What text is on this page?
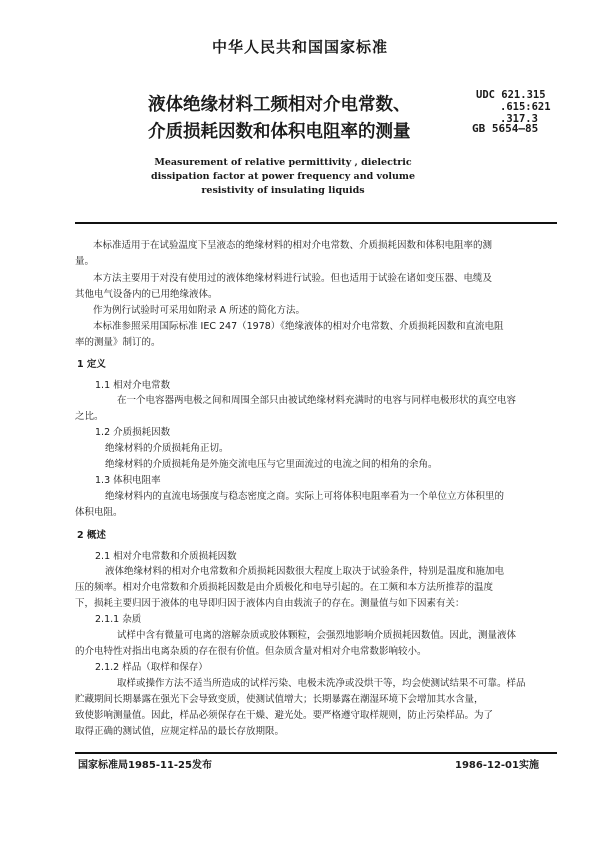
中华人民共和国国家标准
液体绝缘材料工频相对介电常数、
介质损耗因数和体积电阻率的测量
UDC 621.315
.615:621
.317.3
GB 5654—85
Measurement of relative permittivity , dielectric
dissipation factor at power frequency and volume
resistivity of insulating liquids
本标准适用于在试验温度下呈液态的绝缘材料的相对介电常数、介质损耗因数和体积电阻率的测
量。
本方法主要用于对没有使用过的液体绝缘材料进行试验。但也适用于试验在诸如变压器、电缆及
其他电气设备内的已用绝缘液体。
作为例行试验时可采用如附录 A 所述的简化方法。
本标准参照采用国际标准 IEC 247（1978）《绝缘液体的相对介电常数、介质损耗因数和直流电阻
率的测量》制订的。
1 定义
1.1 相对介电常数
在一个电容器两电极之间和周围全部只由被试绝缘材料充满时的电容与同样电极形状的真空电容
之比。
1.2 介质损耗因数
绝缘材料的介质损耗角正切。
绝缘材料的介质损耗角是外施交流电压与它里面流过的电流之间的相角的余角。
1.3 体积电阻率
绝缘材料内的直流电场强度与稳态密度之商。实际上可将体积电阻率看为一个单位立方体积里的
体积电阻。
2 概述
2.1 相对介电常数和介质损耗因数
液体绝缘材料的相对介电常数和介质损耗因数很大程度上取决于试验条件，特别是温度和施加电
压的频率。相对介电常数和介质损耗因数是由介质极化和电导引起的。在工频和本方法所推荐的温度
下，损耗主要归因于液体的电导即归因于液体内自由载流子的存在。测量值与如下因素有关：
2.1.1 杂质
试样中含有微量可电离的溶解杂质或胶体颗粒，会强烈地影响介质损耗因数值。因此，测量液体
的介电特性对指出电离杂质的存在很有价值。但杂质含量对相对介电常数影响较小。
2.1.2 样品（取样和保存）
取样或操作方法不适当所造成的试样污染、电极未洗净或没烘干等，均会使测试结果不可靠。样品
贮藏期间长期暴露在强光下会导致变质，使测试值增大；长期暴露在潮湿环境下会增加其水含量，
致使影响测量值。因此，样品必须保存在干燥、避光处。要严格遵守取样规则，防止污染样品。为了
取得正确的测试值，应规定样品的最长存放期限。
国家标准局1985-11-25发布	1986-12-01实施
